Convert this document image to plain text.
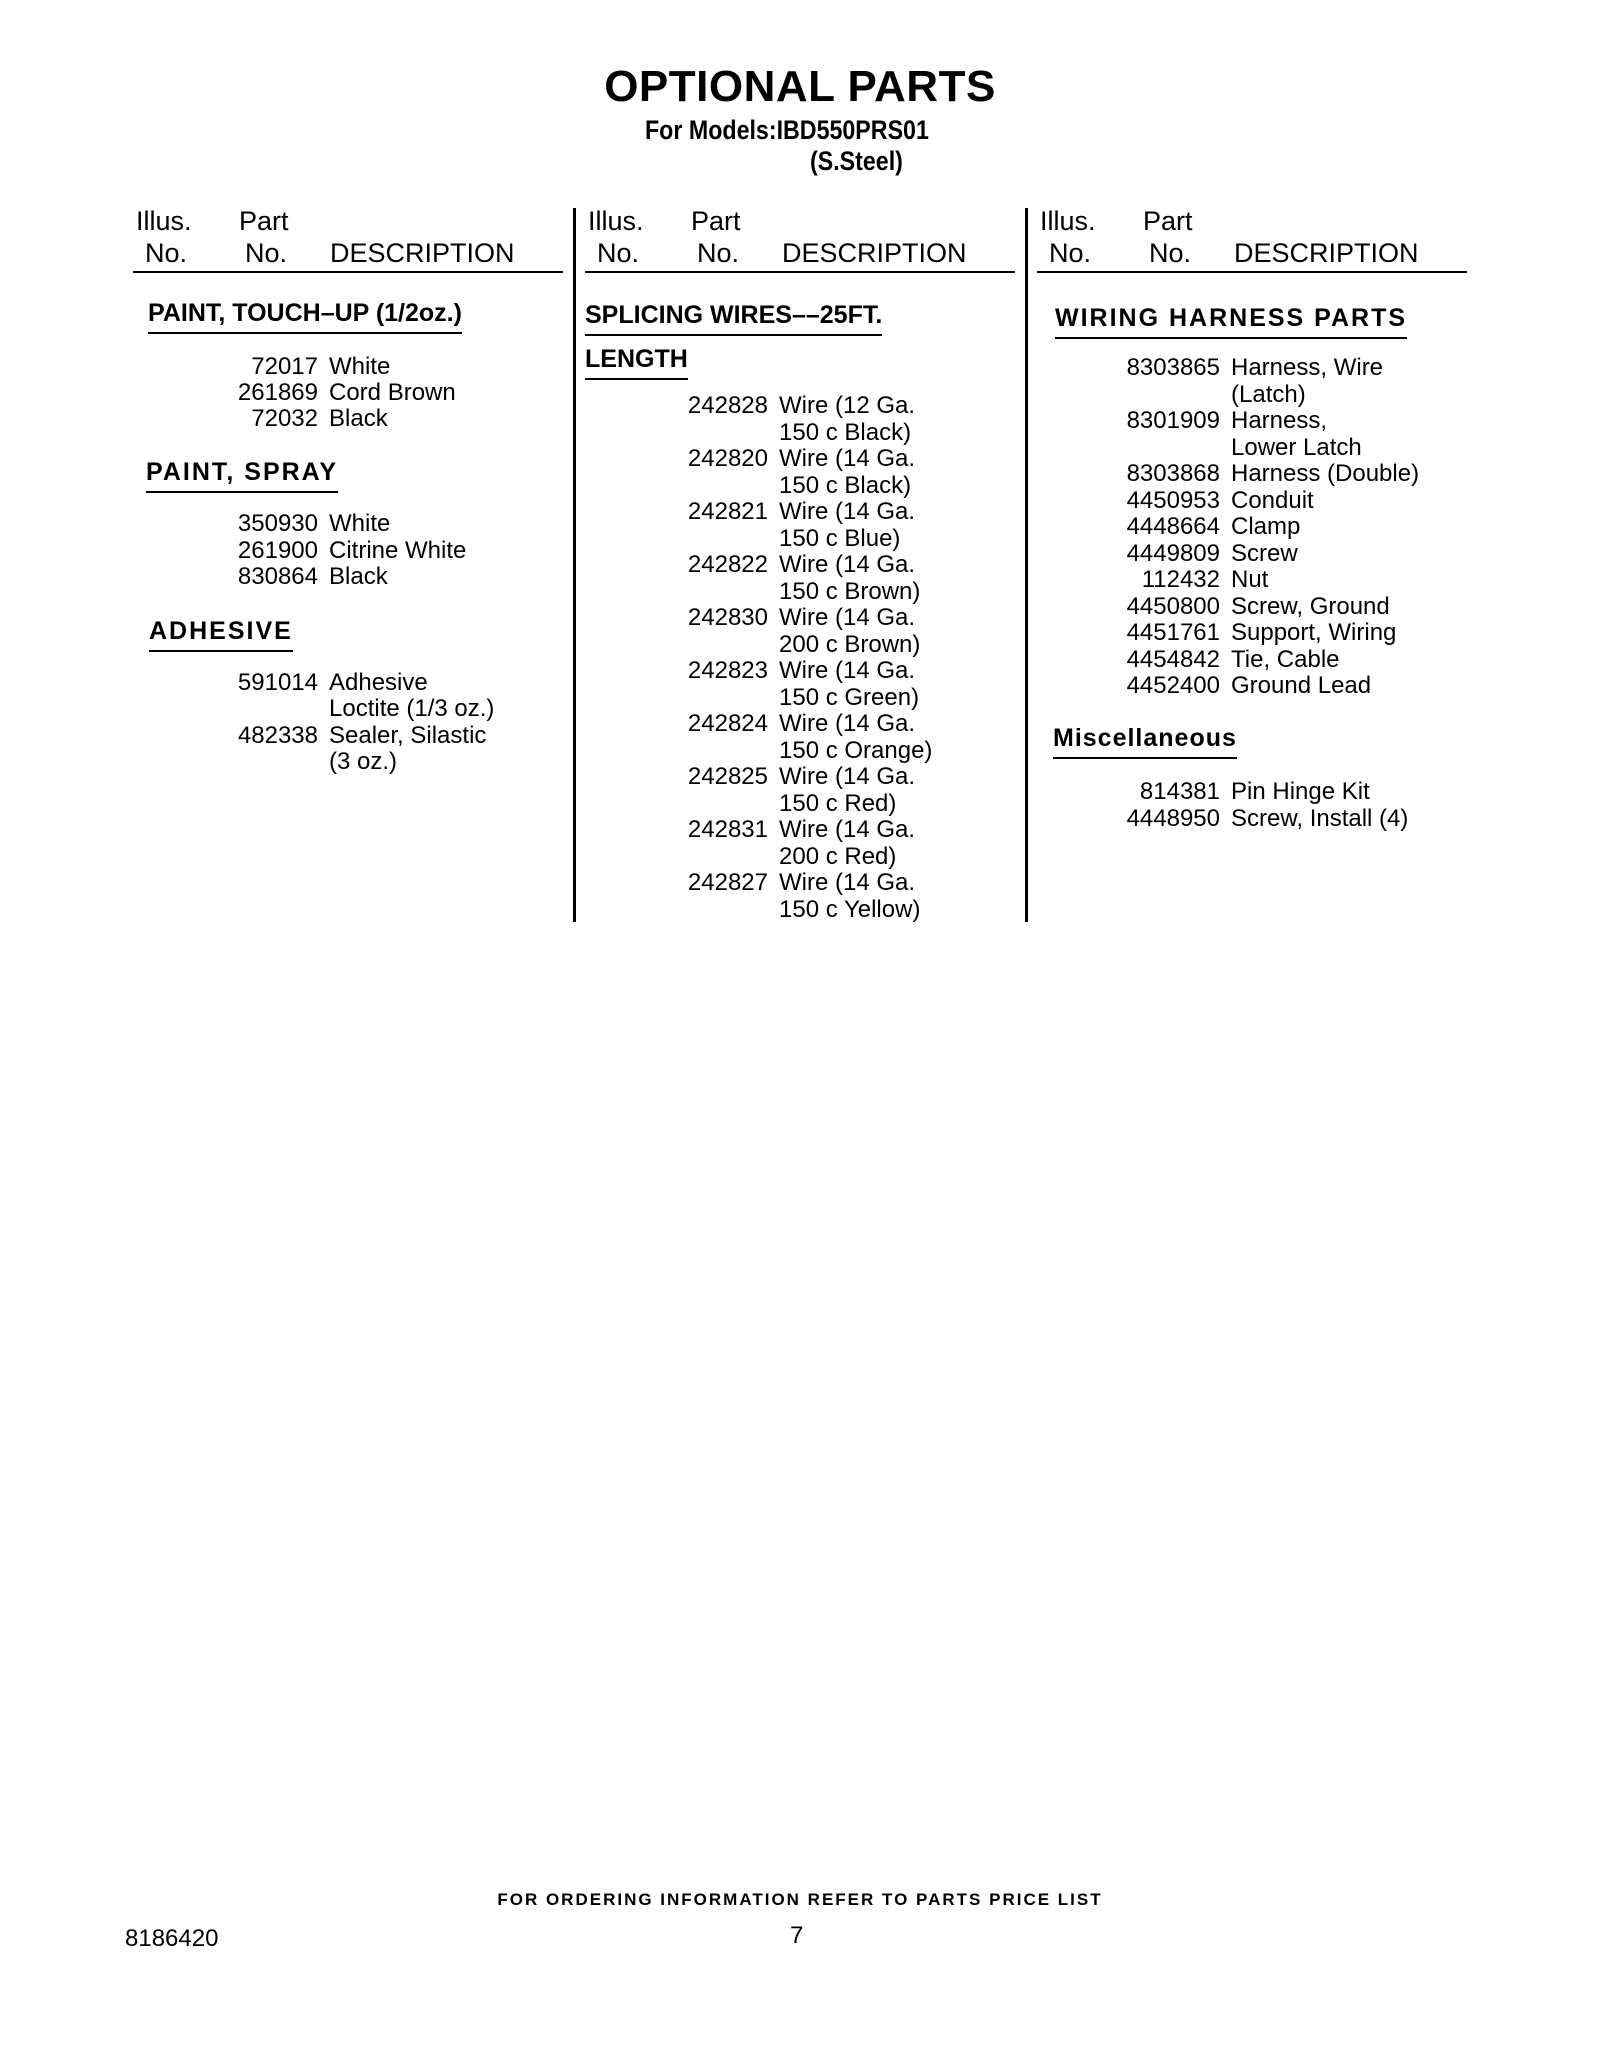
OPTIONAL PARTS
For Models:IBD550PRS01
(S.Steel)
Illus.
No.
Part
No. DESCRIPTION
PAINT, TOUCH–UP (1/2oz.)
72017 White
261869 Cord Brown
72032 Black
PAINT, SPRAY
350930 White
261900 Citrine White
830864 Black
ADHESIVE
591014 Adhesive
Loctite (1/3 oz.)
482338 Sealer, Silastic
(3 oz.)
Illus.
No.
Part
No. DESCRIPTION
SPLICING WIRES––25FT.
LENGTH
242828 Wire (12 Ga.
150 c Black)
242820 Wire (14 Ga.
150 c Black)
242821 Wire (14 Ga.
150 c Blue)
242822 Wire (14 Ga.
150 c Brown)
242830 Wire (14 Ga.
200 c Brown)
242823 Wire (14 Ga.
150 c Green)
242824 Wire (14 Ga.
150 c Orange)
242825 Wire (14 Ga.
150 c Red)
242831 Wire (14 Ga.
200 c Red)
242827 Wire (14 Ga.
150 c Yellow)
Illus.
No.
Part
No. DESCRIPTION
WIRING HARNESS PARTS
8303865 Harness, Wire
(Latch)
8301909 Harness,
Lower Latch
8303868 Harness (Double)
4450953 Conduit
4448664 Clamp
4449809 Screw
112432 Nut
4450800 Screw, Ground
4451761 Support, Wiring
4454842 Tie, Cable
4452400 Ground Lead
Miscellaneous
814381 Pin Hinge Kit
4448950 Screw, Install (4)
FOR ORDERING INFORMATION REFER TO PARTS PRICE LIST
8186420	7
